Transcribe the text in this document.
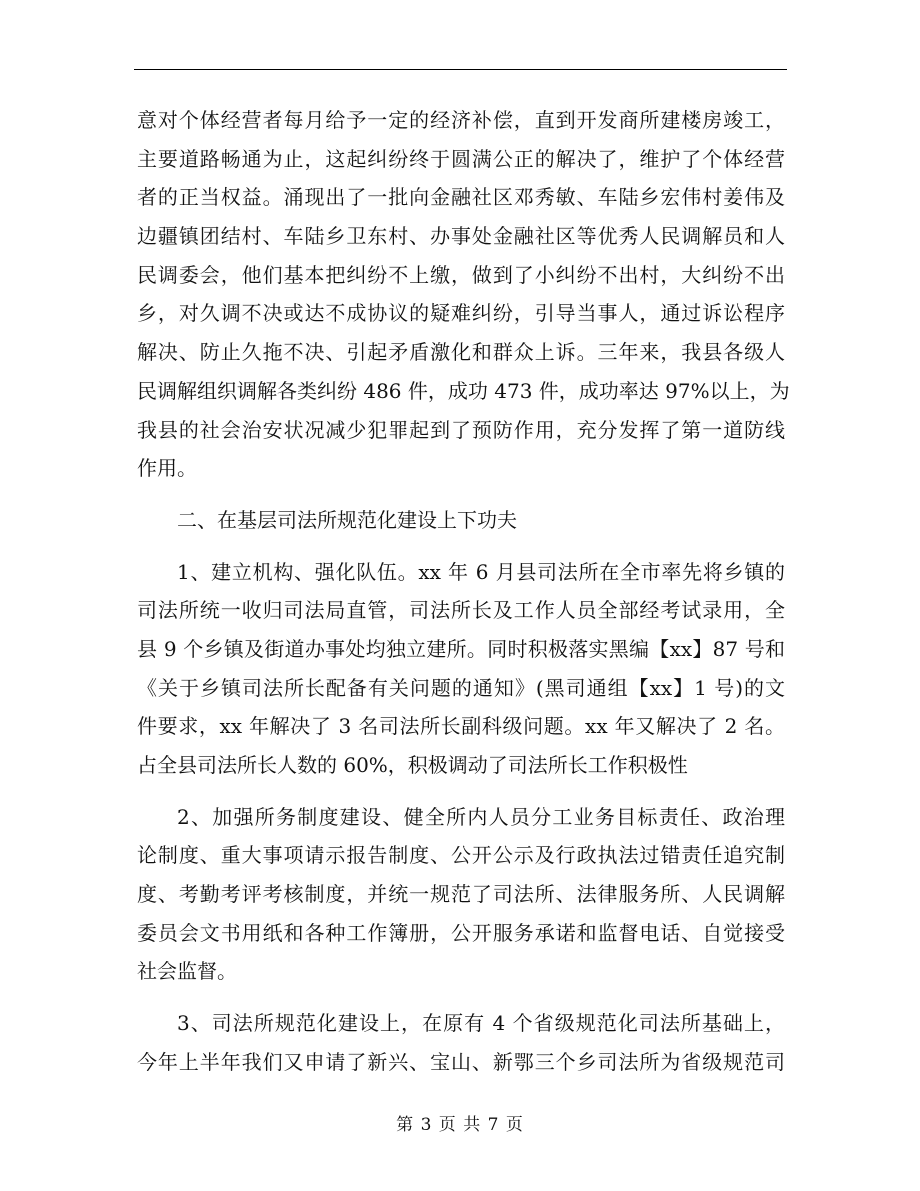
意对个体经营者每月给予一定的经济补偿，直到开发商所建楼房竣工，
主要道路畅通为止，这起纠纷终于圆满公正的解决了，维护了个体经营
者的正当权益。涌现出了一批向金融社区邓秀敏、车陆乡宏伟村姜伟及
边疆镇团结村、车陆乡卫东村、办事处金融社区等优秀人民调解员和人
民调委会，他们基本把纠纷不上缴，做到了小纠纷不出村，大纠纷不出
乡，对久调不决或达不成协议的疑难纠纷，引导当事人，通过诉讼程序
解决、防止久拖不决、引起矛盾激化和群众上诉。三年来，我县各级人
民调解组织调解各类纠纷 486 件，成功 473 件，成功率达 97%以上，为
我县的社会治安状况减少犯罪起到了预防作用，充分发挥了第一道防线
作用。
二、在基层司法所规范化建设上下功夫
1、建立机构、强化队伍。xx 年 6 月县司法所在全市率先将乡镇的
司法所统一收归司法局直管，司法所长及工作人员全部经考试录用，全
县 9 个乡镇及街道办事处均独立建所。同时积极落实黑编【xx】87 号和
《关于乡镇司法所长配备有关问题的通知》(黑司通组【xx】1 号)的文
件要求，xx 年解决了 3 名司法所长副科级问题。xx 年又解决了 2 名。
占全县司法所长人数的 60%，积极调动了司法所长工作积极性
2、加强所务制度建设、健全所内人员分工业务目标责任、政治理
论制度、重大事项请示报告制度、公开公示及行政执法过错责任追究制
度、考勤考评考核制度，并统一规范了司法所、法律服务所、人民调解
委员会文书用纸和各种工作簿册，公开服务承诺和监督电话、自觉接受
社会监督。
3、司法所规范化建设上，在原有 4 个省级规范化司法所基础上，
今年上半年我们又申请了新兴、宝山、新鄂三个乡司法所为省级规范司
第 3 页 共 7 页
